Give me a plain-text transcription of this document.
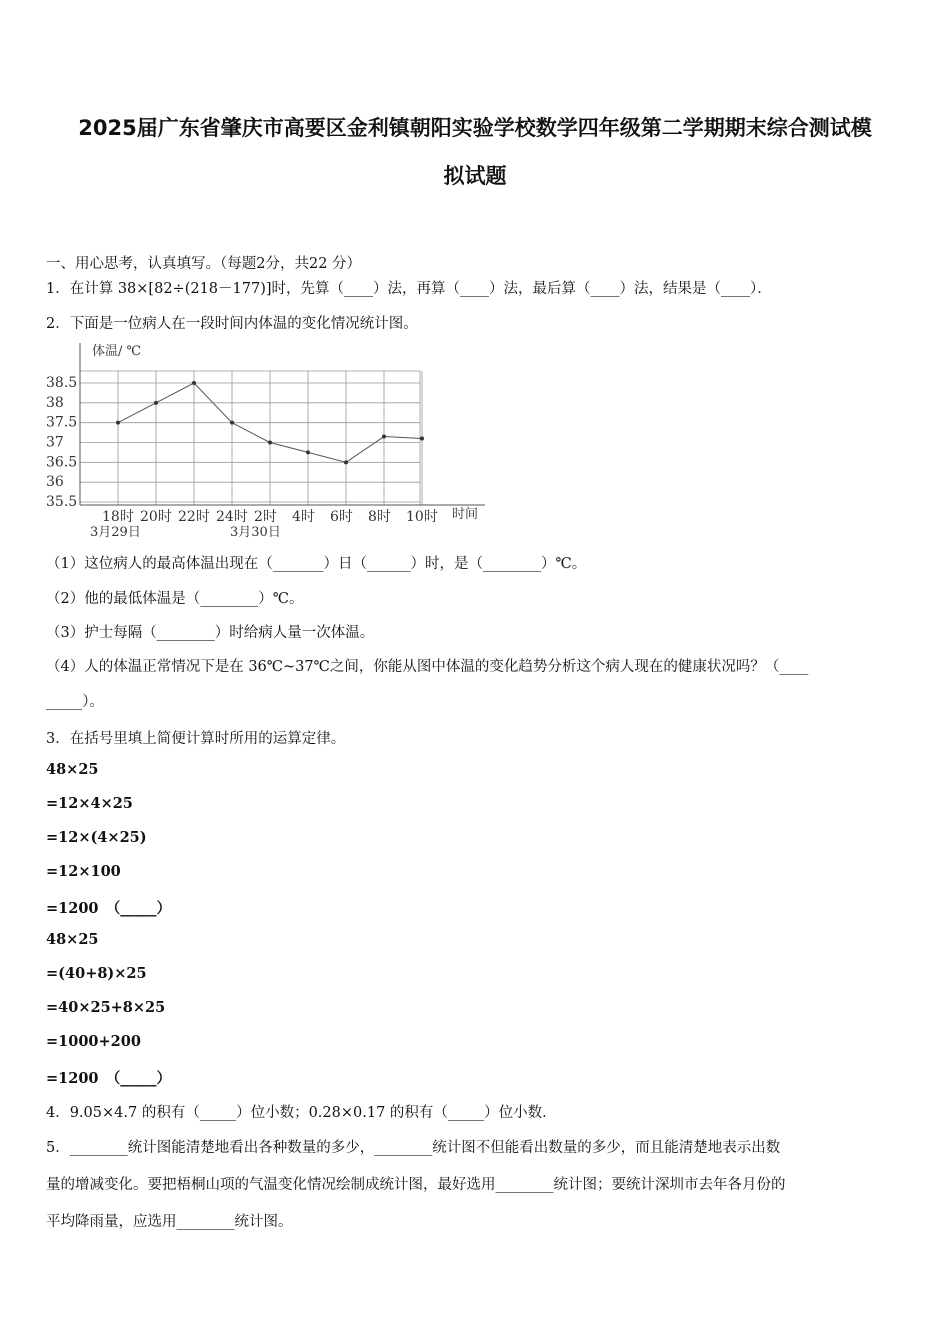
2025届广东省肇庆市高要区金利镇朝阳实验学校数学四年级第二学期期末综合测试模
拟试题
一、用心思考，认真填写。（每题2分，共22 分）
1．在计算 38×[82÷(218－177)]时，先算（____）法，再算（____）法，最后算（____）法，结果是（____）．
2．下面是一位病人在一段时间内体温的变化情况统计图。
35.5
36
36.5
37
37.5
38
38.5
18时 20时 22时 24时 2时 4时 6时 8时 10时
体温/ ℃
时间
3月29日	3月30日
（1）这位病人的最高体温出现在（_______）日（______）时，是（________）℃。
（2）他的最低体温是（________）℃。
（3）护士每隔（________）时给病人量一次体温。
（4）人的体温正常情况下是在 36℃~37℃之间，你能从图中体温的变化趋势分析这个病人现在的健康状况吗？（____
_____）。
3．在括号里填上简便计算时所用的运算定律。
48×25
=12×4×25
=12×(4×25)
=12×100
=1200　（_____）
48×25
=(40+8)×25
=40×25+8×25
=1000+200
=1200　（_____）
4．9.05×4.7 的积有（_____）位小数；0.28×0.17 的积有（_____）位小数．
5．________统计图能清楚地看出各种数量的多少，________统计图不但能看出数量的多少，而且能清楚地表示出数
量的增减变化。要把梧桐山项的气温变化情况绘制成统计图，最好选用________统计图；要统计深圳市去年各月份的
平均降雨量，应选用________统计图。
